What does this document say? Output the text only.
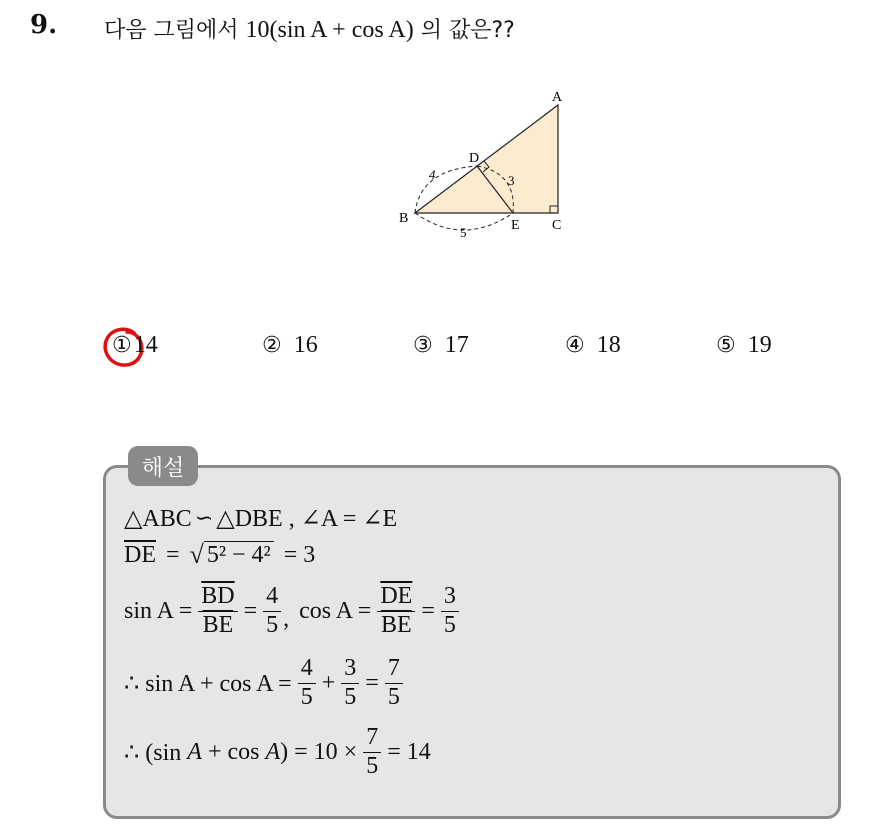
9. 다음 그림에서 10(sin A + cos A) 의 값은??
A
B	C
D
E
4	3
5
① 14	② 16	③ 17	④ 18	⑤ 19
해설
△ABC ∽ △DBE , ∠A = ∠E
$\overline{DE}$ = √ 5² − 4² = 3
$\sin A = \frac{\overline{BD}}{BE} = \frac{4}{5}$ , $\cos A = \frac{\overline{DE}}{BE} = \frac{3}{5}$
∴ $\sin A + \cos A = \frac{4}{5} + \frac{3}{5} = \frac{7}{5}$
∴ (sin A + cos A ) = $10 \times \frac{7}{5} = 14$
